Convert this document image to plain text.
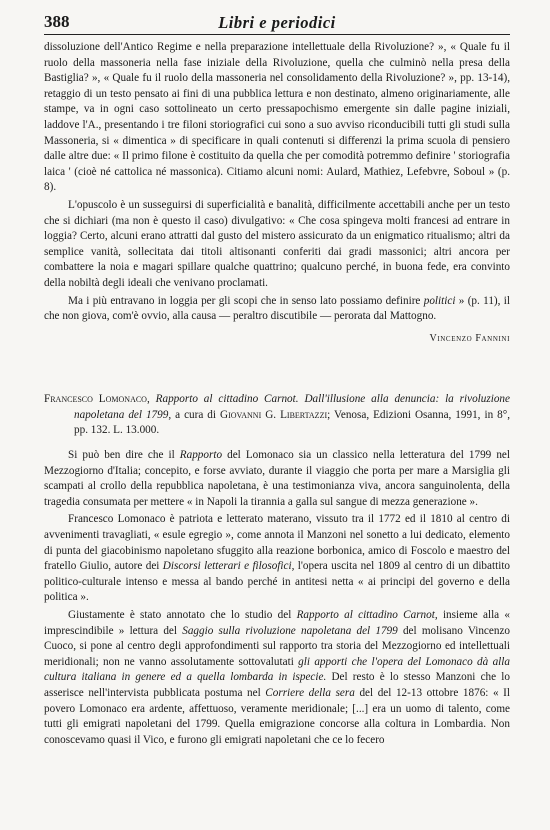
388	Libri e periodici

dissoluzione dell'Antico Regime e nella preparazione intellettuale della Rivoluzione? », « Quale fu il ruolo della massoneria nella fase iniziale della Rivoluzione, quella che culminò nella presa della Bastiglia? », « Quale fu il ruolo della massoneria nel consolidamento della Rivoluzione? », pp. 13-14), retaggio di un testo pensato ai fini di una pubblica lettura e non destinato, almeno originariamente, alle stampe, va in ogni caso sottolineato un certo pressapochismo emergente sin dalle pagine iniziali, laddove l'A., presentando i tre filoni storiografici cui sono a suo avviso riconducibili tutti gli studi sulla Massoneria, si « dimentica » di specificare in quali contenuti si differenzi la prima scuola di pensiero dalle altre due: « Il primo filone è costituito da quella che per comodità potremmo definire ' storiografia laica ' (cioè né cattolica né massonica). Citiamo alcuni nomi: Aulard, Mathiez, Lefebvre, Soboul » (p. 8).

L'opuscolo è un susseguirsi di superficialità e banalità, difficilmente accettabili anche per un testo che si dichiari (ma non è questo il caso) divulgativo: « Che cosa spingeva molti francesi ad entrare in loggia? Certo, alcuni erano attratti dal gusto del mistero assicurato da un enigmatico ritualismo; altri da semplice vanità, sollecitata dai titoli altisonanti conferiti dai gradi massonici; altri ancora per combattere la noia e magari spillare qualche quattrino; qualcuno perché, in buona fede, era convinto della nobiltà degli ideali che venivano proclamati.

Ma i più entravano in loggia per gli scopi che in senso lato possiamo definire politici » (p. 11), il che non giova, com'è ovvio, alla causa — peraltro discutibile — perorata dal Mattogno.

Vincenzo Fannini

Francesco Lomonaco, Rapporto al cittadino Carnot. Dall'illusione alla denuncia: la rivoluzione napoletana del 1799, a cura di Giovanni G. Libertazzi; Venosa, Edizioni Osanna, 1991, in 8°, pp. 132. L. 13.000.

Si può ben dire che il Rapporto del Lomonaco sia un classico nella letteratura del 1799 nel Mezzogiorno d'Italia; concepito, e forse avviato, durante il viaggio che porta per mare a Marsiglia gli scampati al crollo della repubblica napoletana, è una testimonianza viva, ancora sanguinolenta, della tragedia consumata per mettere « in Napoli la tirannia a galla sul sangue di mezza generazione ».

Francesco Lomonaco è patriota e letterato materano, vissuto tra il 1772 ed il 1810 al centro di avvenimenti travagliati, « esule egregio », come annota il Manzoni nel sonetto a lui dedicato, elemento di punta del giacobinismo napoletano sfuggito alla reazione borbonica, amico di Foscolo e maestro del fratello Giulio, autore dei Discorsi letterari e filosofici, l'opera uscita nel 1809 al centro di un dibattito politico-culturale intenso e messa al bando perché in antitesi netta « ai principi del governo e della politica ».

Giustamente è stato annotato che lo studio del Rapporto al cittadino Carnot, insieme alla « imprescindibile » lettura del Saggio sulla rivoluzione napoletana del 1799 del molisano Vincenzo Cuoco, si pone al centro degli approfondimenti sul rapporto tra storia del Mezzogiorno ed intellettuali meridionali; non ne vanno assolutamente sottovalutati gli apporti che l'opera del Lomonaco dà alla cultura italiana in genere ed a quella lombarda in ispecie. Del resto è lo stesso Manzoni che lo asserisce nell'intervista pubblicata postuma nel Corriere della sera del del 12-13 ottobre 1876: « Il povero Lomonaco era ardente, affettuoso, veramente meridionale; [...] era un uomo di talento, come tutti gli emigrati napoletani del 1799. Quella emigrazione concorse alla coltura in Lombardia. Non conoscevamo quasi il Vico, e furono gli emigrati napoletani che ce lo fecero
